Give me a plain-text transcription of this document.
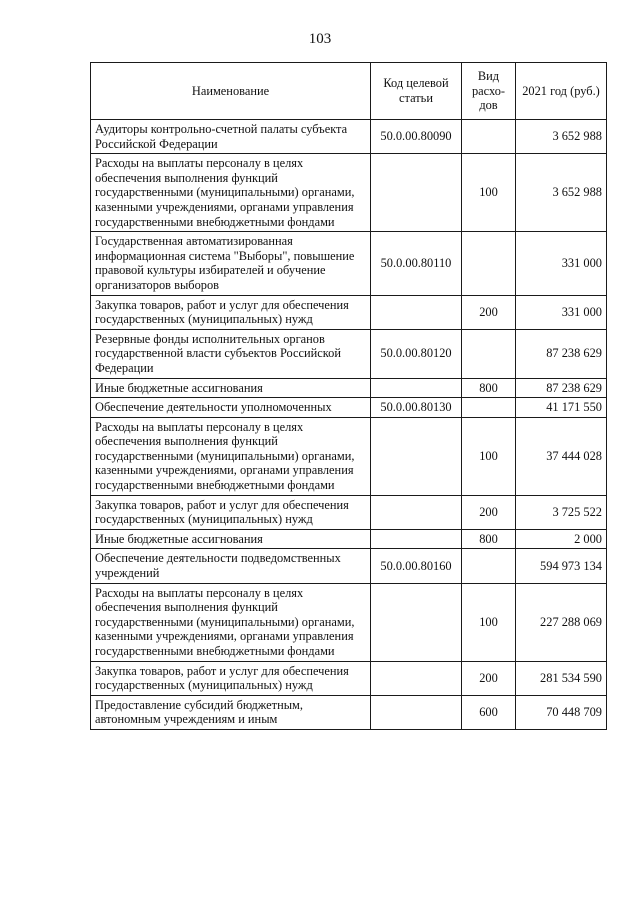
103
Наименование	Код целевой статьи	Вид расхо-дов	2021 год (руб.)
Аудиторы контрольно-счетной палаты субъекта Российской Федерации	50.0.00.80090		3 652 988
Расходы на выплаты персоналу в целях обеспечения выполнения функций государственными (муниципальными) органами, казенными учреждениями, органами управления государственными внебюджетными фондами		100	3 652 988
Государственная автоматизированная информационная система "Выборы", повышение правовой культуры избирателей и обучение организаторов выборов	50.0.00.80110		331 000
Закупка товаров, работ и услуг для обеспечения государственных (муниципальных) нужд		200	331 000
Резервные фонды исполнительных органов государственной власти субъектов Российской Федерации	50.0.00.80120		87 238 629
Иные бюджетные ассигнования		800	87 238 629
Обеспечение деятельности уполномоченных	50.0.00.80130		41 171 550
Расходы на выплаты персоналу в целях обеспечения выполнения функций государственными (муниципальными) органами, казенными учреждениями, органами управления государственными внебюджетными фондами		100	37 444 028
Закупка товаров, работ и услуг для обеспечения государственных (муниципальных) нужд		200	3 725 522
Иные бюджетные ассигнования		800	2 000
Обеспечение деятельности подведомственных учреждений	50.0.00.80160		594 973 134
Расходы на выплаты персоналу в целях обеспечения выполнения функций государственными (муниципальными) органами, казенными учреждениями, органами управления государственными внебюджетными фондами		100	227 288 069
Закупка товаров, работ и услуг для обеспечения государственных (муниципальных) нужд		200	281 534 590
Предоставление субсидий бюджетным, автономным учреждениям и иным		600	70 448 709
